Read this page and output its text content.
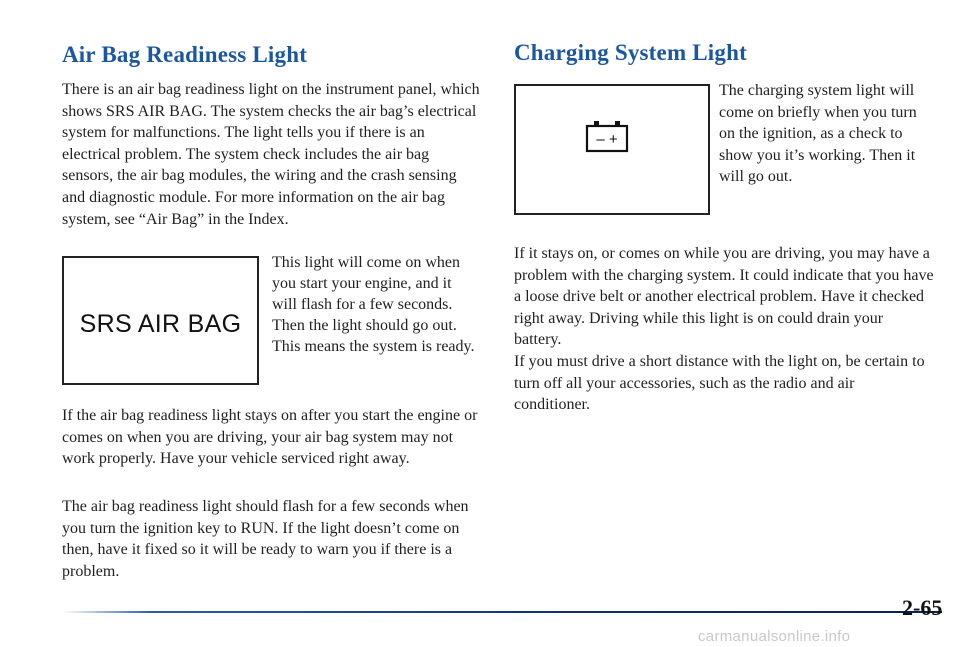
Air Bag Readiness Light

There is an air bag readiness light on the instrument panel, which shows SRS AIR BAG. The system checks the air bag’s electrical system for malfunctions. The light tells you if there is an electrical problem. The system check includes the air bag sensors, the air bag modules, the wiring and the crash sensing and diagnostic module. For more information on the air bag system, see “Air Bag” in the Index.

SRS AIR BAG

This light will come on when you start your engine, and it will flash for a few seconds. Then the light should go out. This means the system is ready.

If the air bag readiness light stays on after you start the engine or comes on when you are driving, your air bag system may not work properly. Have your vehicle serviced right away.

The air bag readiness light should flash for a few seconds when you turn the ignition key to RUN. If the light doesn’t come on then, have it fixed so it will be ready to warn you if there is a problem.

Charging System Light
– +

The charging system light will come on briefly when you turn on the ignition, as a check to show you it’s working. Then it will go out.

If it stays on, or comes on while you are driving, you may have a problem with the charging system. It could indicate that you have a loose drive belt or another electrical problem. Have it checked right away. Driving while this light is on could drain your battery.

If you must drive a short distance with the light on, be certain to turn off all your accessories, such as the radio and air conditioner.

2-65

carmanualsonline.info
